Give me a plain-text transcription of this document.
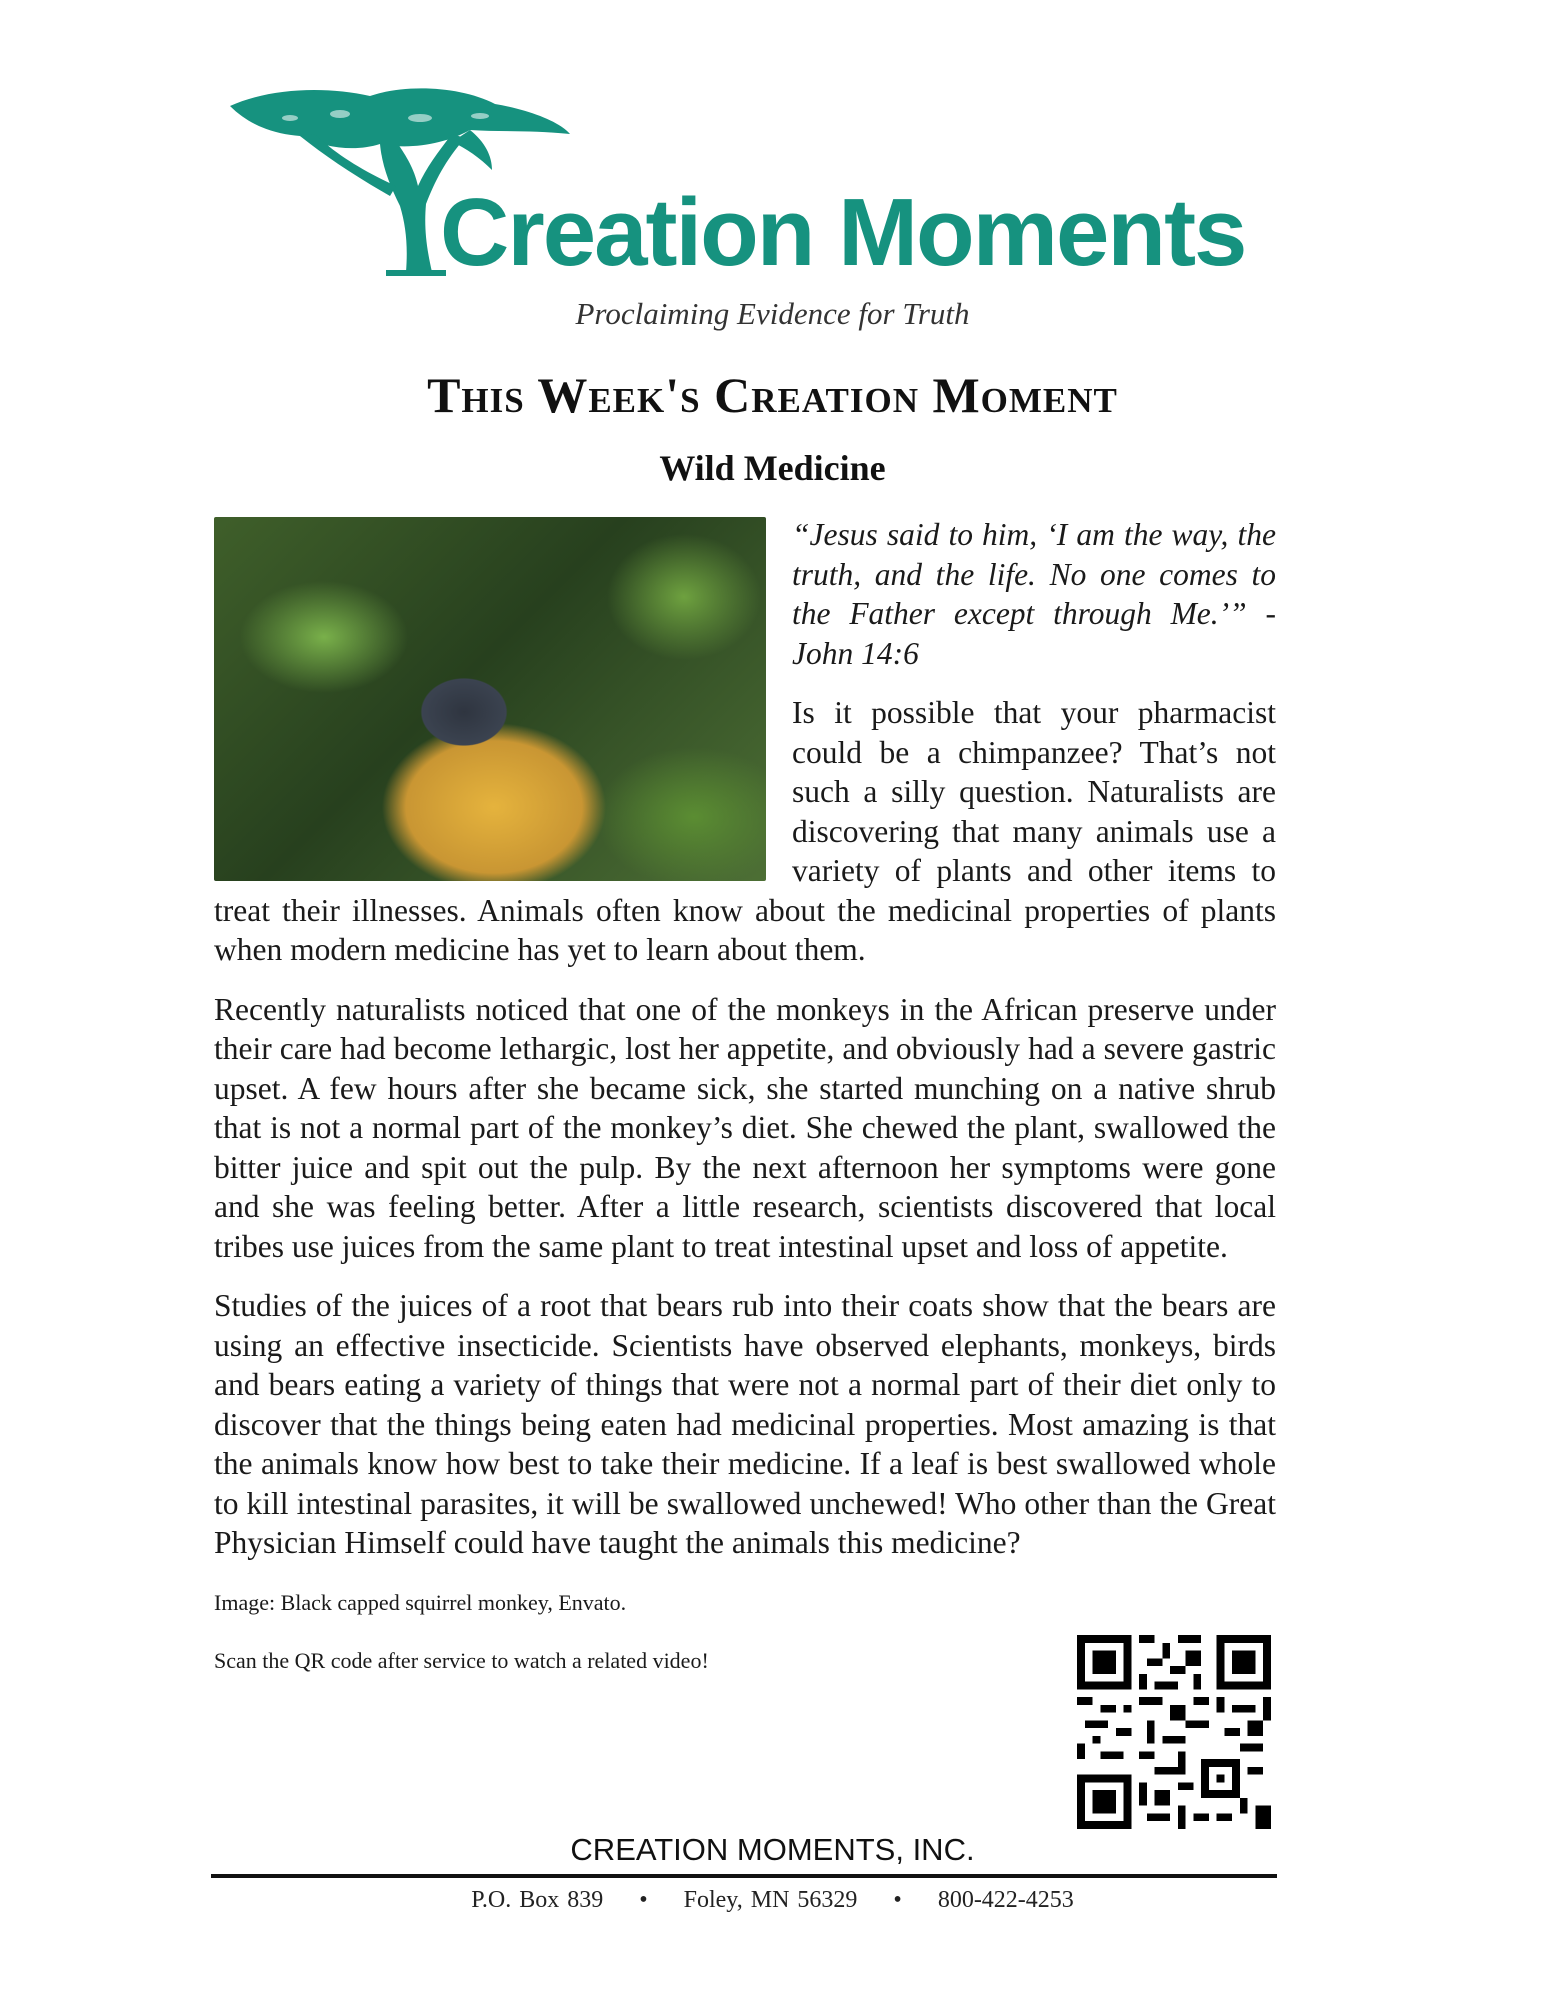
Creation Moments
Proclaiming Evidence for Truth
This Week's Creation Moment
Wild Medicine

“Jesus said to him, ‘I am the way, the truth, and the life. No one comes to the Father except through Me.’” - John 14:6

Is it possible that your pharmacist could be a chimpanzee? That’s not such a silly question. Naturalists are discovering that many animals use a variety of plants and other items to treat their illnesses. Animals often know about the medicinal properties of plants when modern medicine has yet to learn about them.

Recently naturalists noticed that one of the monkeys in the African preserve under their care had become lethargic, lost her appetite, and obviously had a severe gastric upset. A few hours after she became sick, she started munching on a native shrub that is not a normal part of the monkey’s diet. She chewed the plant, swallowed the bitter juice and spit out the pulp. By the next afternoon her symptoms were gone and she was feeling better. After a little research, scientists discovered that local tribes use juices from the same plant to treat intestinal upset and loss of appetite.

Studies of the juices of a root that bears rub into their coats show that the bears are using an effective insecticide. Scientists have observed elephants, monkeys, birds and bears eating a variety of things that were not a normal part of their diet only to discover that the things being eaten had medicinal properties. Most amazing is that the animals know how best to take their medicine. If a leaf is best swallowed whole to kill intestinal parasites, it will be swallowed unchewed! Who other than the Great Physician Himself could have taught the animals this medicine?

Image: Black capped squirrel monkey, Envato.

Scan the QR code after service to watch a related video!

CREATION MOMENTS, INC.
P.O. Box 839 • Foley, MN 56329 • 800-422-4253
